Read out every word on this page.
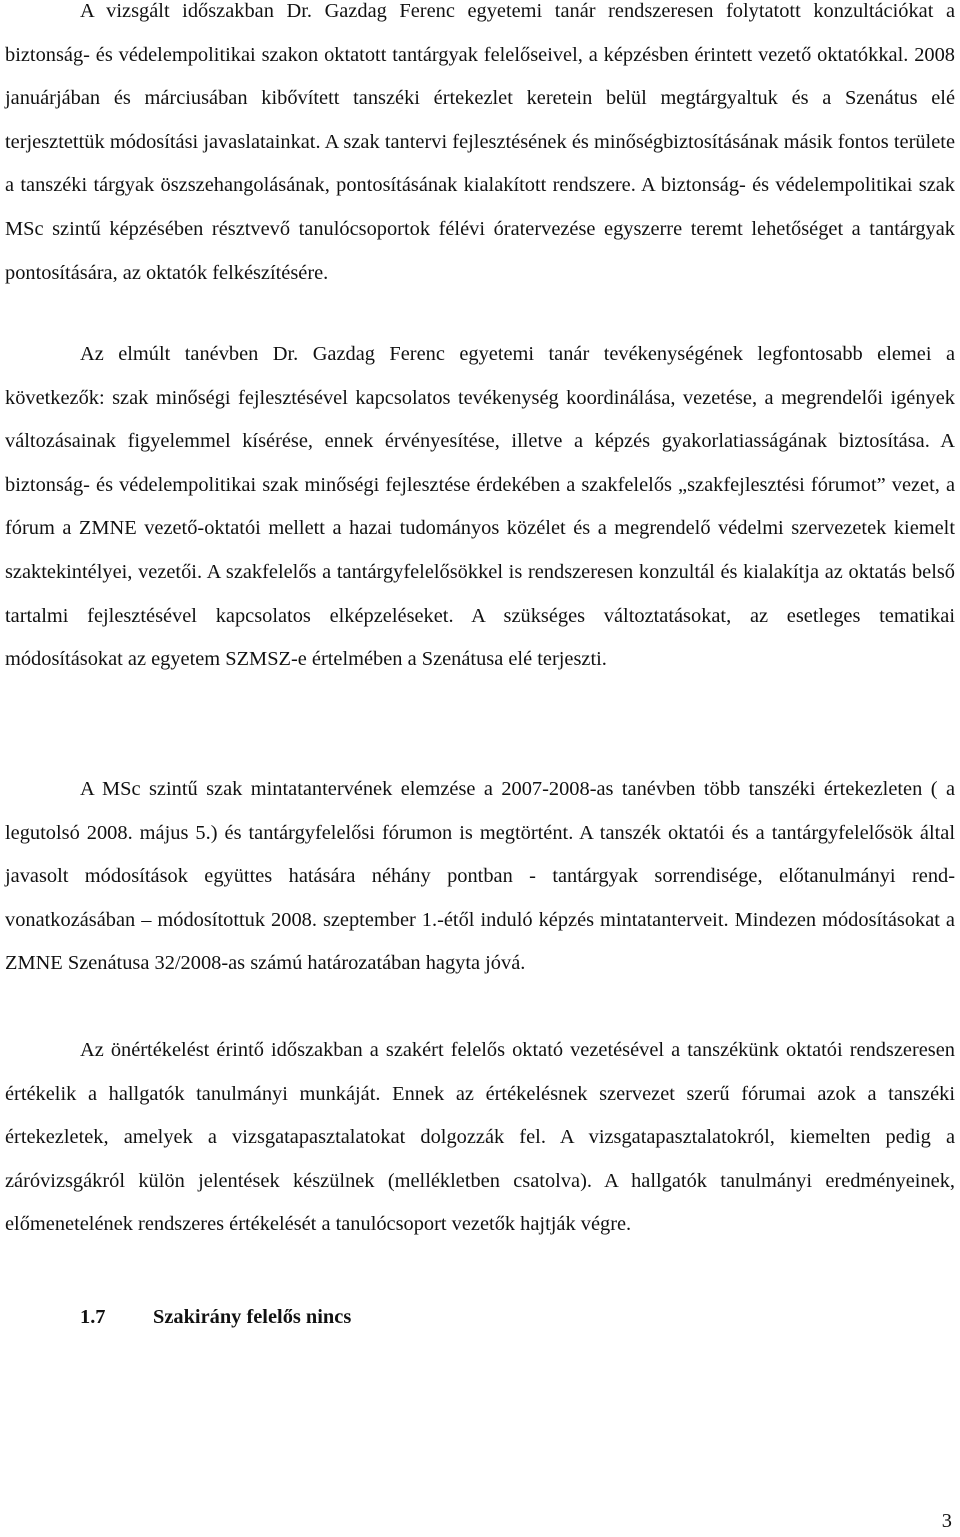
A vizsgált időszakban Dr. Gazdag Ferenc egyetemi tanár rendszeresen folytatott konzultációkat a biztonság- és védelempolitikai szakon oktatott tantárgyak felelőseivel, a képzésben érintett vezető oktatókkal. 2008 januárjában és márciusában kibővített tanszéki értekezlet keretein belül megtárgyaltuk és a Szenátus elé terjesztettük módosítási javaslatainkat. A szak tantervi fejlesztésének és minőségbiztosításának másik fontos területe a tanszéki tárgyak öszszehangolásának, pontosításának kialakított rendszere. A biztonság- és védelempolitikai szak MSc szintű képzésében résztvevő tanulócsoportok félévi óratervezése egyszerre teremt lehetőséget a tantárgyak pontosítására, az oktatók felkészítésére.

Az elmúlt tanévben Dr. Gazdag Ferenc egyetemi tanár tevékenységének legfontosabb elemei a következők: szak minőségi fejlesztésével kapcsolatos tevékenység koordinálása, vezetése, a megrendelői igények változásainak figyelemmel kísérése, ennek érvényesítése, illetve a képzés gyakorlatiasságának biztosítása. A biztonság- és védelempolitikai szak minőségi fejlesztése érdekében a szakfelelős „szakfejlesztési fórumot” vezet, a fórum a ZMNE vezető-oktatói mellett a hazai tudományos közélet és a megrendelő védelmi szervezetek kiemelt szaktekintélyei, vezetői. A szakfelelős a tantárgyfelelősökkel is rendszeresen konzultál és kialakítja az oktatás belső tartalmi fejlesztésével kapcsolatos elképzeléseket. A szükséges változtatásokat, az esetleges tematikai módosításokat az egyetem SZMSZ-e értelmében a Szenátusa elé terjeszti.

A MSc szintű szak mintatantervének elemzése a 2007-2008-as tanévben több tanszéki értekezleten ( a legutolsó 2008. május 5.) és tantárgyfelelősi fórumon is megtörtént. A tanszék oktatói és a tantárgyfelelősök által javasolt módosítások együttes hatására néhány pontban - tantárgyak sorrendisége, előtanulmányi rend- vonatkozásában – módosítottuk 2008. szeptember 1.-étől induló képzés mintatanterveit. Mindezen módosításokat a ZMNE Szenátusa 32/2008-as számú határozatában hagyta jóvá.

Az önértékelést érintő időszakban a szakért felelős oktató vezetésével a tanszékünk oktatói rendszeresen értékelik a hallgatók tanulmányi munkáját. Ennek az értékelésnek szervezet szerű fórumai azok a tanszéki értekezletek, amelyek a vizsgatapasztalatokat dolgozzák fel. A vizsgatapasztalatokról, kiemelten pedig a záróvizsgákról külön jelentések készülnek (mellékletben csatolva). A hallgatók tanulmányi eredményeinek, előmenetelének rendszeres értékelését a tanulócsoport vezetők hajtják végre.

1.7 Szakirány felelős nincs
3
